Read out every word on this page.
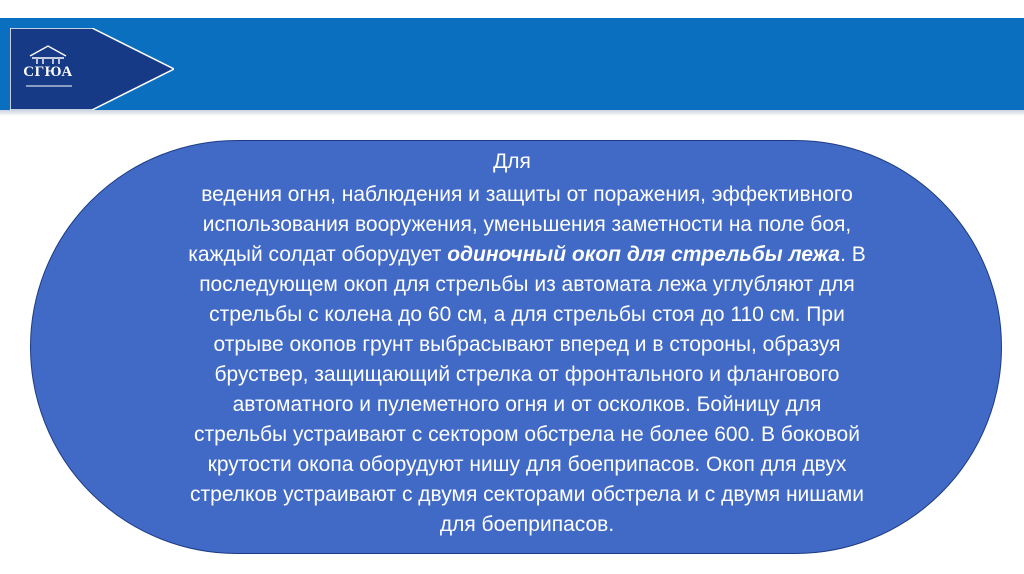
СГЮА
Для
ведения огня, наблюдения и защиты от поражения, эффективного
использования вооружения, уменьшения заметности на поле боя,
каждый солдат оборудует одиночный окоп для стрельбы лежа. В
последующем окоп для стрельбы из автомата лежа углубляют для
стрельбы с колена до 60 см, а для стрельбы стоя до 110 см. При
отрыве окопов грунт выбрасывают вперед и в стороны, образуя
бруствер, защищающий стрелка от фронтального и флангового
автоматного и пулеметного огня и от осколков. Бойницу для
стрельбы устраивают с сектором обстрела не более 600. В боковой
крутости окопа оборудуют нишу для боеприпасов. Окоп для двух
стрелков устраивают с двумя секторами обстрела и с двумя нишами
для боеприпасов.
